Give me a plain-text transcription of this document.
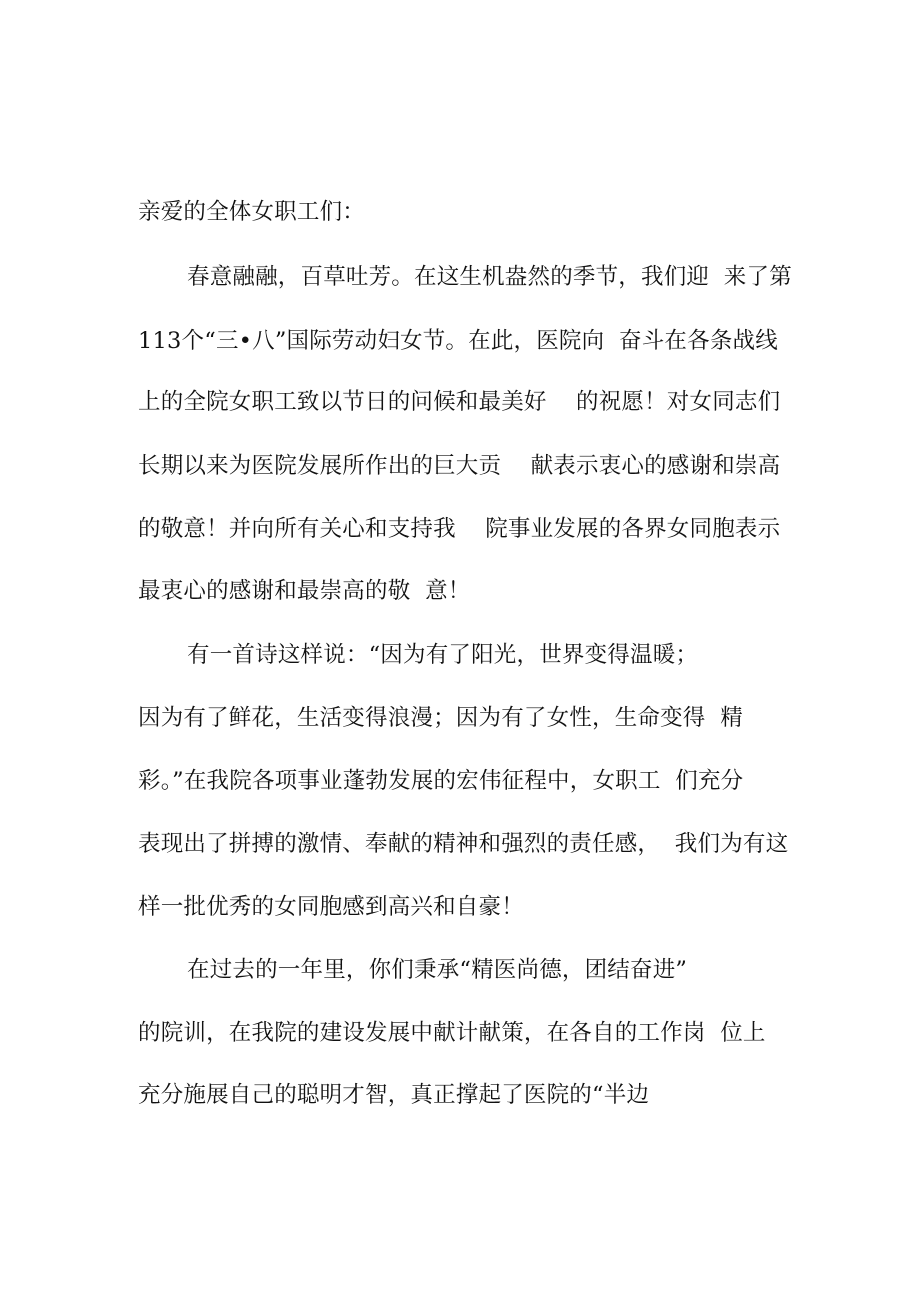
亲爱的全体女职工们：
春意融融，百草吐芳。在这生机盎然的季节，我们迎  来了第
113个“三•八”国际劳动妇女节。在此，医院向  奋斗在各条战线
上的全院女职工致以节日的问候和最美好    的祝愿！对女同志们
长期以来为医院发展所作出的巨大贡    献表示衷心的感谢和崇高
的敬意！并向所有关心和支持我    院事业发展的各界女同胞表示
最衷心的感谢和最崇高的敬  意！
有一首诗这样说：“因为有了阳光，世界变得温暖；
因为有了鲜花，生活变得浪漫；因为有了女性，生命变得  精
彩。”在我院各项事业蓬勃发展的宏伟征程中，女职工  们充分
表现出了拼搏的激情、奉献的精神和强烈的责任感，  我们为有这
样一批优秀的女同胞感到高兴和自豪！
在过去的一年里，你们秉承“精医尚德，团结奋进”
的院训，在我院的建设发展中献计献策，在各自的工作岗  位上
充分施展自己的聪明才智，真正撑起了医院的“半边
